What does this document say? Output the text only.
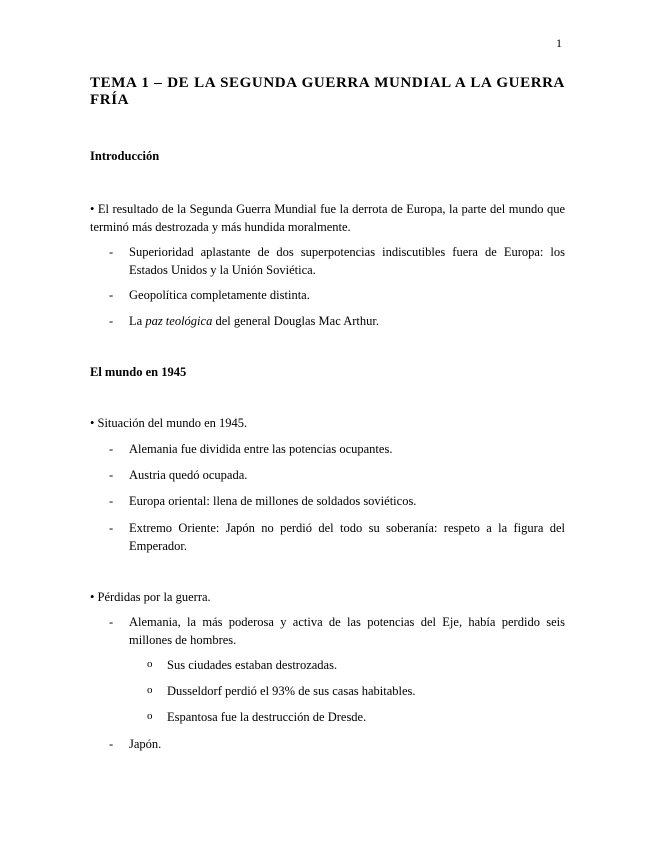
1
TEMA 1 – DE LA SEGUNDA GUERRA MUNDIAL A LA GUERRA FRÍA
Introducción

• El resultado de la Segunda Guerra Mundial fue la derrota de Europa, la parte del mundo que terminó más destrozada y más hundida moralmente.

- Superioridad aplastante de dos superpotencias indiscutibles fuera de Europa: los Estados Unidos y la Unión Soviética.
- Geopolítica completamente distinta.
- La paz teológica del general Douglas Mac Arthur.
El mundo en 1945

• Situación del mundo en 1945.

- Alemania fue dividida entre las potencias ocupantes.
- Austria quedó ocupada.
- Europa oriental: llena de millones de soldados soviéticos.
- Extremo Oriente: Japón no perdió del todo su soberanía: respeto a la figura del Emperador.

• Pérdidas por la guerra.

- Alemania, la más poderosa y activa de las potencias del Eje, había perdido seis millones de hombres.
o Sus ciudades estaban destrozadas.
o Dusseldorf perdió el 93% de sus casas habitables.
o Espantosa fue la destrucción de Dresde.
- Japón.
